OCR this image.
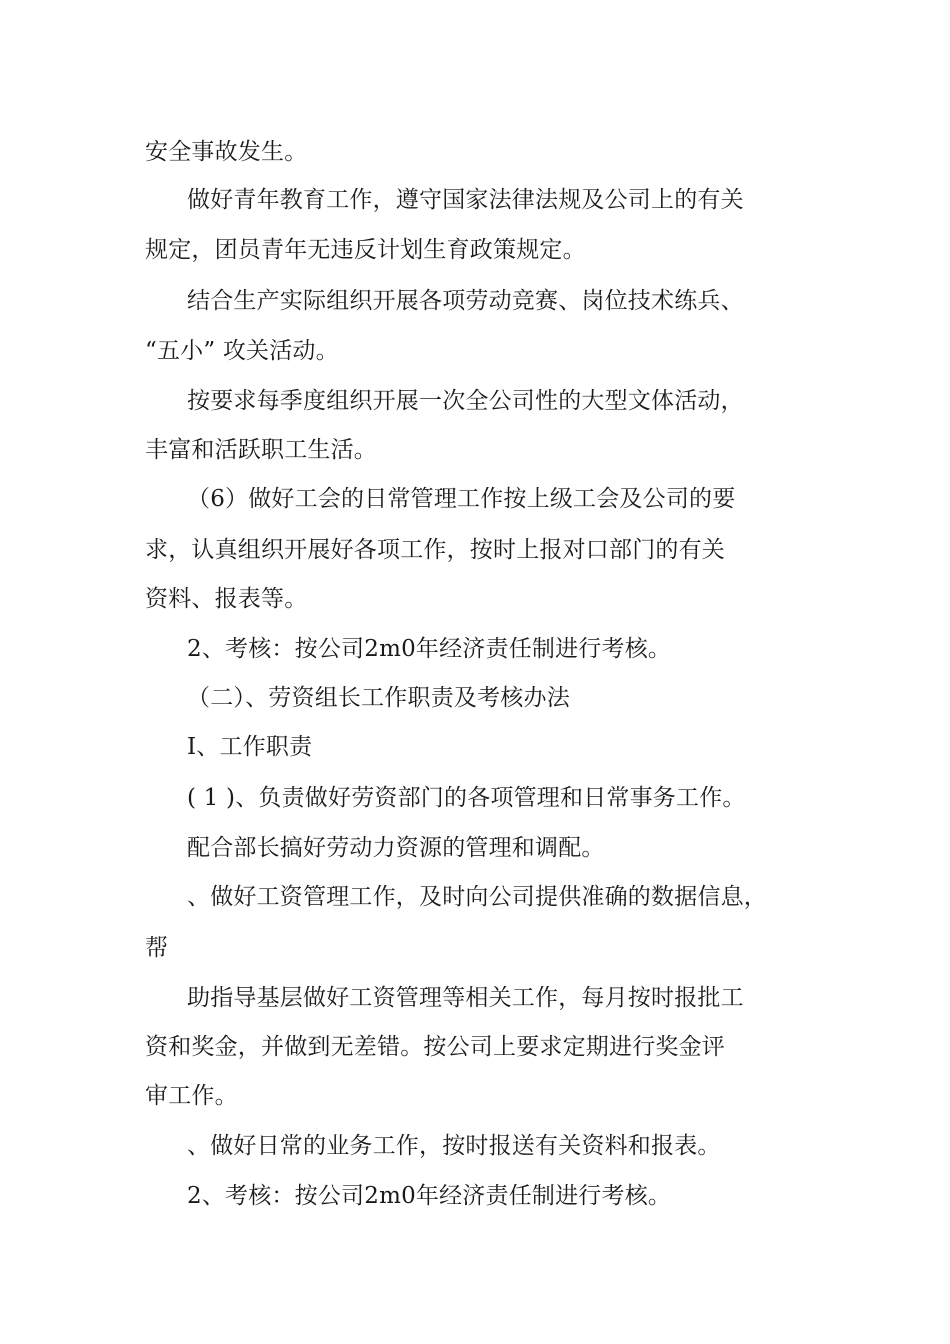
安全事故发生。

做好青年教育工作，遵守国家法律法规及公司上的有关

规定，团员青年无违反计划生育政策规定。

结合生产实际组织开展各项劳动竞赛、岗位技术练兵、

“五小” 攻关活动。

按要求每季度组织开展一次全公司性的大型文体活动，

丰富和活跃职工生活。

（6）做好工会的日常管理工作按上级工会及公司的要

求，认真组织开展好各项工作，按时上报对口部门的有关

资料、报表等。

2、考核：按公司2m0年经济责任制进行考核。

（二）、劳资组长工作职责及考核办法

I、工作职责

( 1 )、负责做好劳资部门的各项管理和日常事务工作。

配合部长搞好劳动力资源的管理和调配。

、做好工资管理工作，及时向公司提供准确的数据信息，

帮

助指导基层做好工资管理等相关工作，每月按时报批工

资和奖金，并做到无差错。按公司上要求定期进行奖金评

审工作。

、做好日常的业务工作，按时报送有关资料和报表。

2、考核：按公司2m0年经济责任制进行考核。
